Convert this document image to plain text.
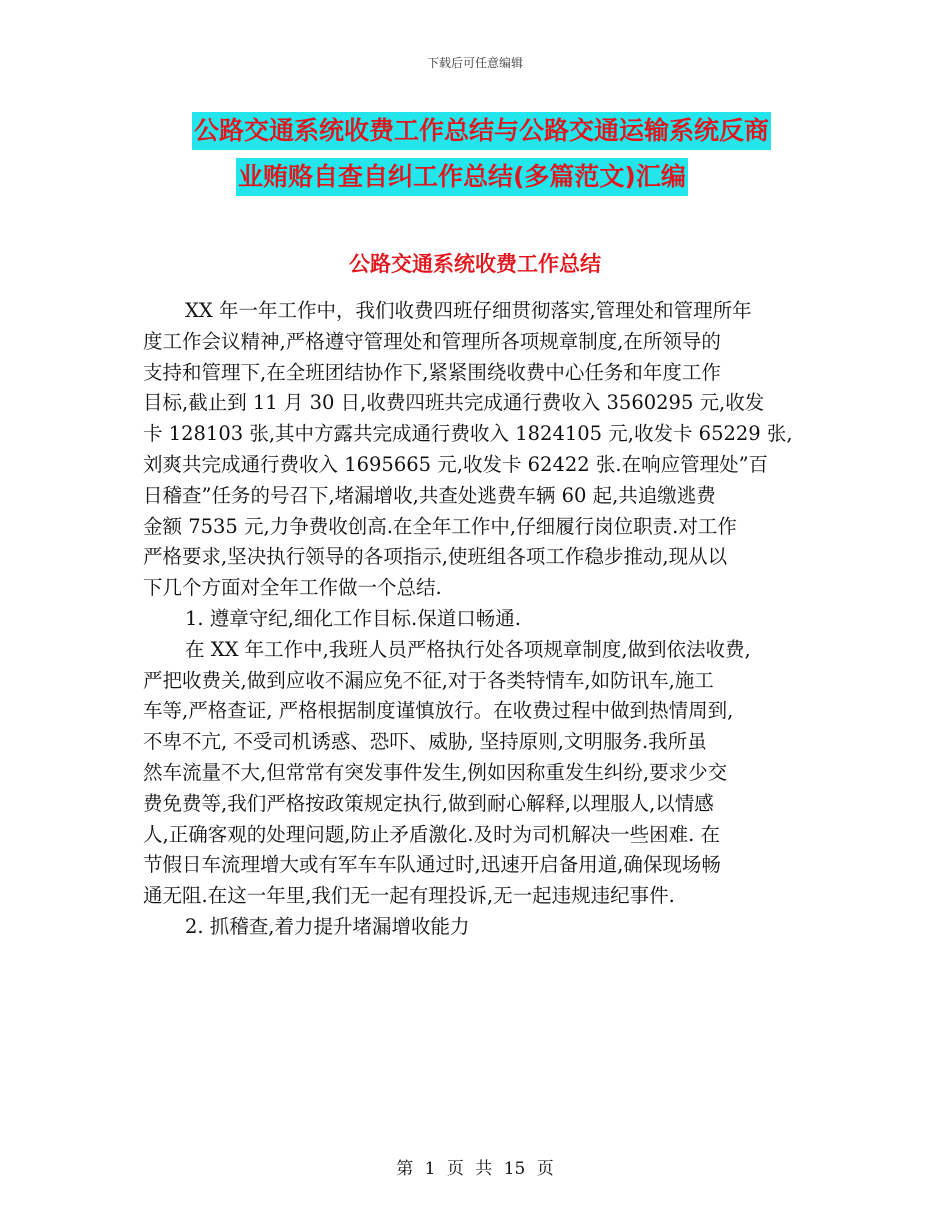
下载后可任意编辑
公路交通系统收费工作总结与公路交通运输系统反商
业贿赂自查自纠工作总结(多篇范文)汇编
公路交通系统收费工作总结
XX 年一年工作中，我们收费四班仔细贯彻落实,管理处和管理所年
度工作会议精神,严格遵守管理处和管理所各项规章制度,在所领导的
支持和管理下,在全班团结协作下,紧紧围绕收费中心任务和年度工作
目标,截止到 11 月 30 日,收费四班共完成通行费收入 3560295 元,收发
卡 128103 张,其中方露共完成通行费收入 1824105 元,收发卡 65229 张,
刘爽共完成通行费收入 1695665 元,收发卡 62422 张.在响应管理处”百
日稽查”任务的号召下,堵漏增收,共查处逃费车辆 60 起,共追缴逃费
金额 7535 元,力争费收创高.在全年工作中,仔细履行岗位职责.对工作
严格要求,坚决执行领导的各项指示,使班组各项工作稳步推动,现从以
下几个方面对全年工作做一个总结.
1. 遵章守纪,细化工作目标.保道口畅通.
在 XX 年工作中,我班人员严格执行处各项规章制度,做到依法收费,
严把收费关,做到应收不漏应免不征,对于各类特情车,如防讯车,施工
车等,严格查证, 严格根据制度谨慎放行。在收费过程中做到热情周到,
不卑不亢, 不受司机诱惑、恐吓、威胁, 坚持原则,文明服务.我所虽
然车流量不大,但常常有突发事件发生,例如因称重发生纠纷,要求少交
费免费等,我们严格按政策规定执行,做到耐心解释,以理服人,以情感
人,正确客观的处理问题,防止矛盾激化.及时为司机解决一些困难. 在
节假日车流理增大或有军车车队通过时,迅速开启备用道,确保现场畅
通无阻.在这一年里,我们无一起有理投诉,无一起违规违纪事件.
2. 抓稽查,着力提升堵漏增收能力
第 1 页 共 15 页
